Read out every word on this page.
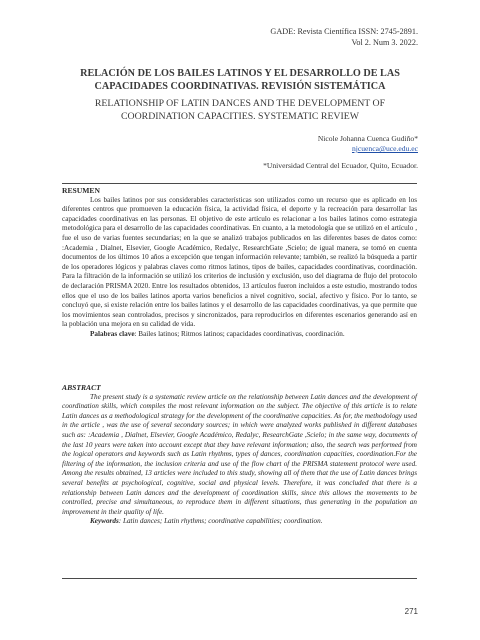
GADE: Revista Científica ISSN: 2745-2891.
Vol 2. Num 3. 2022.
RELACIÓN DE LOS BAILES LATINOS Y EL DESARROLLO DE LAS CAPACIDADES COORDINATIVAS. REVISIÓN SISTEMÁTICA
RELATIONSHIP OF LATIN DANCES AND THE DEVELOPMENT OF COORDINATION CAPACITIES. SYSTEMATIC REVIEW
Nicole Johanna Cuenca Gudiño*
njcuenca@uce.edu.ec
*Universidad Central del Ecuador, Quito, Ecuador.
RESUMEN

Los bailes latinos por sus considerables características son utilizados como un recurso que es aplicado en los diferentes centros que promueven la educación física, la actividad física, el deporte y la recreación para desarrollar las capacidades coordinativas en las personas. El objetivo de este artículo es relacionar a los bailes latinos como estrategia metodológica para el desarrollo de las capacidades coordinativas. En cuanto, a la metodología que se utilizó en el artículo , fue el uso de varias fuentes secundarias; en la que se analizó trabajos publicados en las diferentes bases de datos como: :Academia , Dialnet, Elsevier, Google Académico, Redalyc, ResearchGate ,Scielo; de igual manera, se tomó en cuenta documentos de los últimos 10 años a excepción que tengan información relevante; también, se realizó la búsqueda a partir de los operadores lógicos y palabras claves como ritmos latinos, tipos de bailes, capacidades coordinativas, coordinación. Para la filtración de la información se utilizó los criterios de inclusión y exclusión, uso del diagrama de flujo del protocolo de declaración PRISMA 2020. Entre los resultados obtenidos, 13 artículos fueron incluidos a este estudio, mostrando todos ellos que el uso de los bailes latinos aporta varios beneficios a nivel cognitivo, social, afectivo y físico. Por lo tanto, se concluyó que, si existe relación entre los bailes latinos y el desarrollo de las capacidades coordinativas, ya que permite que los movimientos sean controlados, precisos y sincronizados, para reproducirlos en diferentes escenarios generando así en la población una mejora en su calidad de vida.

Palabras clave: Bailes latinos; Ritmos latinos; capacidades coordinativas, coordinación.

ABSTRACT

The present study is a systematic review article on the relationship between Latin dances and the development of coordination skills, which compiles the most relevant information on the subject. The objective of this article is to relate Latin dances as a methodological strategy for the development of the coordinative capacities. As for, the methodology used in the article , was the use of several secondary sources; in which were analyzed works published in different databases such as: :Academia , Dialnet, Elsevier, Google Académico, Redalyc, ResearchGate ,Scielo; in the same way, documents of the last 10 years were taken into account except that they have relevant information; also, the search was performed from the logical operators and keywords such as Latin rhythms, types of dances, coordination capacities, coordination.For the filtering of the information, the inclusion criteria and use of the flow chart of the PRISMA statement protocol were used. Among the results obtained, 13 articles were included to this study, showing all of them that the use of Latin dances brings several benefits at psychological, cognitive, social and physical levels. Therefore, it was concluded that there is a relationship between Latin dances and the development of coordination skills, since this allows the movements to be controlled, precise and simultaneous, to reproduce them in different situations, thus generating in the population an improvement in their quality of life.

Keywords: Latin dances; Latin rhythms; coordinative capabilities; coordination.

271
